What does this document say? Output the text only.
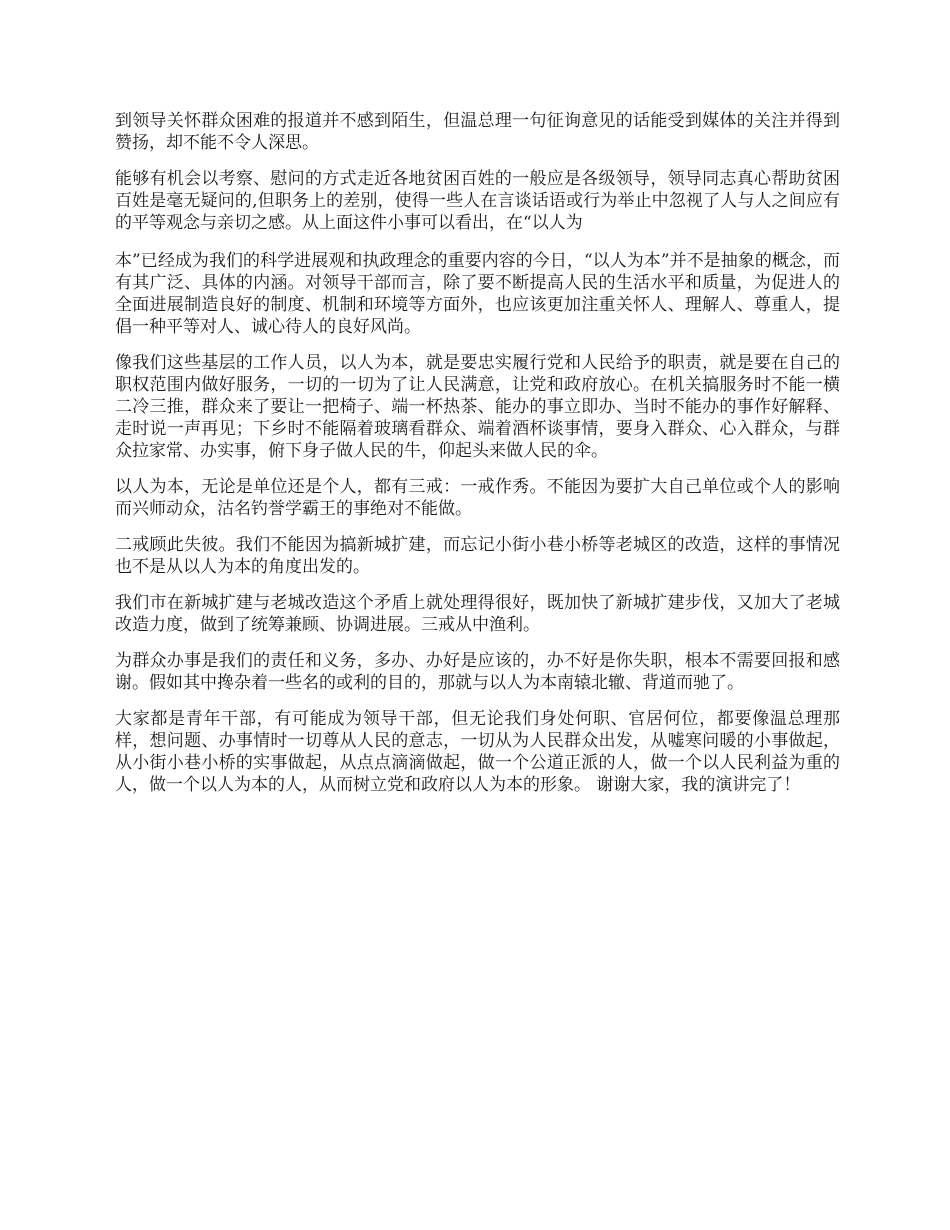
到领导关怀群众困难的报道并不感到陌生，但温总理一句征询意见的话能受到媒体的关注并得到赞扬，却不能不令人深思。

能够有机会以考察、慰问的方式走近各地贫困百姓的一般应是各级领导，领导同志真心帮助贫困百姓是毫无疑问的,但职务上的差别，使得一些人在言谈话语或行为举止中忽视了人与人之间应有的平等观念与亲切之感。从上面这件小事可以看出，在“以人为

本”已经成为我们的科学进展观和执政理念的重要内容的今日，“以人为本”并不是抽象的概念，而有其广泛、具体的内涵。对领导干部而言，除了要不断提高人民的生活水平和质量，为促进人的全面进展制造良好的制度、机制和环境等方面外，也应该更加注重关怀人、理解人、尊重人，提倡一种平等对人、诚心待人的良好风尚。

像我们这些基层的工作人员，以人为本，就是要忠实履行党和人民给予的职责，就是要在自己的职权范围内做好服务，一切的一切为了让人民满意，让党和政府放心。在机关搞服务时不能一横二冷三推，群众来了要让一把椅子、端一杯热茶、能办的事立即办、当时不能办的事作好解释、走时说一声再见；下乡时不能隔着玻璃看群众、端着酒杯谈事情，要身入群众、心入群众，与群众拉家常、办实事，俯下身子做人民的牛，仰起头来做人民的伞。

以人为本，无论是单位还是个人，都有三戒：一戒作秀。不能因为要扩大自己单位或个人的影响而兴师动众，沽名钓誉学霸王的事绝对不能做。

二戒顾此失彼。我们不能因为搞新城扩建，而忘记小街小巷小桥等老城区的改造，这样的事情况也不是从以人为本的角度出发的。

我们市在新城扩建与老城改造这个矛盾上就处理得很好，既加快了新城扩建步伐，又加大了老城改造力度，做到了统筹兼顾、协调进展。三戒从中渔利。

为群众办事是我们的责任和义务，多办、办好是应该的，办不好是你失职，根本不需要回报和感谢。假如其中搀杂着一些名的或利的目的，那就与以人为本南辕北辙、背道而驰了。

大家都是青年干部，有可能成为领导干部，但无论我们身处何职、官居何位，都要像温总理那样，想问题、办事情时一切尊从人民的意志，一切从为人民群众出发，从嘘寒问暖的小事做起，从小街小巷小桥的实事做起，从点点滴滴做起，做一个公道正派的人，做一个以人民利益为重的人，做一个以人为本的人，从而树立党和政府以人为本的形象。 谢谢大家，我的演讲完了！
